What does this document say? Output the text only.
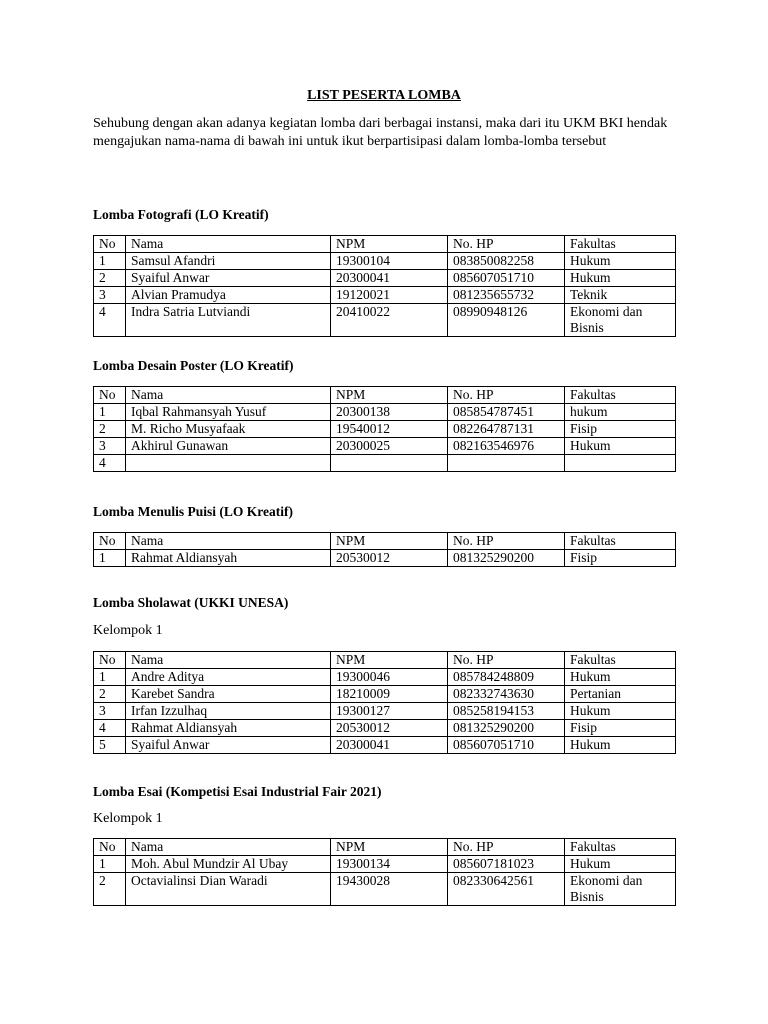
LIST PESERTA LOMBA
Sehubung dengan akan adanya kegiatan lomba dari berbagai instansi, maka dari itu UKM BKI hendak mengajukan nama-nama di bawah ini untuk ikut berpartisipasi dalam lomba-lomba tersebut
Lomba Fotografi (LO Kreatif)
No	Nama	NPM	No. HP	Fakultas
1	Samsul Afandri	19300104	083850082258	Hukum
2	Syaiful Anwar	20300041	085607051710	Hukum
3	Alvian Pramudya	19120021	081235655732	Teknik
4	Indra Satria Lutviandi	20410022	08990948126	Ekonomi dan Bisnis
Lomba Desain Poster (LO Kreatif)
No	Nama	NPM	No. HP	Fakultas
1	Iqbal Rahmansyah Yusuf	20300138	085854787451	hukum
2	M. Richo Musyafaak	19540012	082264787131	Fisip
3	Akhirul Gunawan	20300025	082163546976	Hukum
4				
Lomba Menulis Puisi (LO Kreatif)
No	Nama	NPM	No. HP	Fakultas
1	Rahmat Aldiansyah	20530012	081325290200	Fisip
Lomba Sholawat (UKKI UNESA)
Kelompok 1
No	Nama	NPM	No. HP	Fakultas
1	Andre Aditya	19300046	085784248809	Hukum
2	Karebet Sandra	18210009	082332743630	Pertanian
3	Irfan Izzulhaq	19300127	085258194153	Hukum
4	Rahmat Aldiansyah	20530012	081325290200	Fisip
5	Syaiful Anwar	20300041	085607051710	Hukum
Lomba Esai (Kompetisi Esai Industrial Fair 2021)
Kelompok 1
No	Nama	NPM	No. HP	Fakultas
1	Moh. Abul Mundzir Al Ubay	19300134	085607181023	Hukum
2	Octavialinsi Dian Waradi	19430028	082330642561	Ekonomi dan Bisnis
